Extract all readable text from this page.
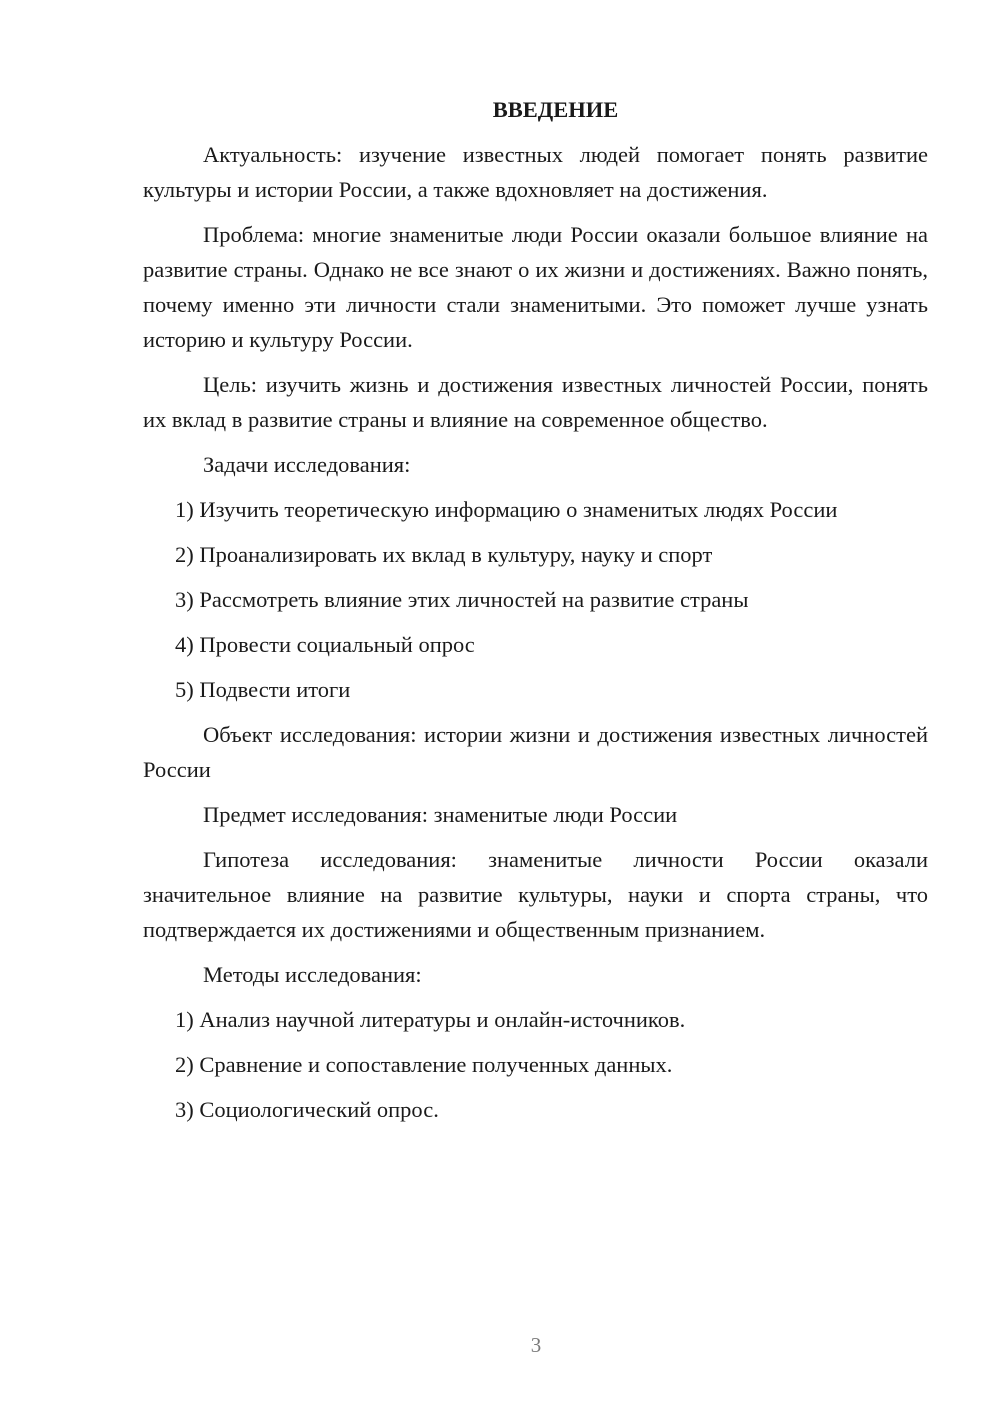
ВВЕДЕНИЕ
Актуальность: изучение известных людей помогает понять развитие культуры и истории России, а также вдохновляет на достижения.
Проблема: многие знаменитые люди России оказали большое влияние на развитие страны. Однако не все знают о их жизни и достижениях. Важно понять, почему именно эти личности стали знаменитыми. Это поможет лучше узнать историю и культуру России.
Цель: изучить жизнь и достижения известных личностей России, понять их вклад в развитие страны и влияние на современное общество.
Задачи исследования:
1) Изучить теоретическую информацию о знаменитых людях России
2) Проанализировать их вклад в культуру, науку и спорт
3) Рассмотреть влияние этих личностей на развитие страны
4) Провести социальный опрос
5) Подвести итоги
Объект исследования: истории жизни и достижения известных личностей России
Предмет исследования: знаменитые люди России
Гипотеза исследования: знаменитые личности России оказали значительное влияние на развитие культуры, науки и спорта страны, что подтверждается их достижениями и общественным признанием.
Методы исследования:
1) Анализ научной литературы и онлайн-источников.
2) Сравнение и сопоставление полученных данных.
3) Социологический опрос.
3
